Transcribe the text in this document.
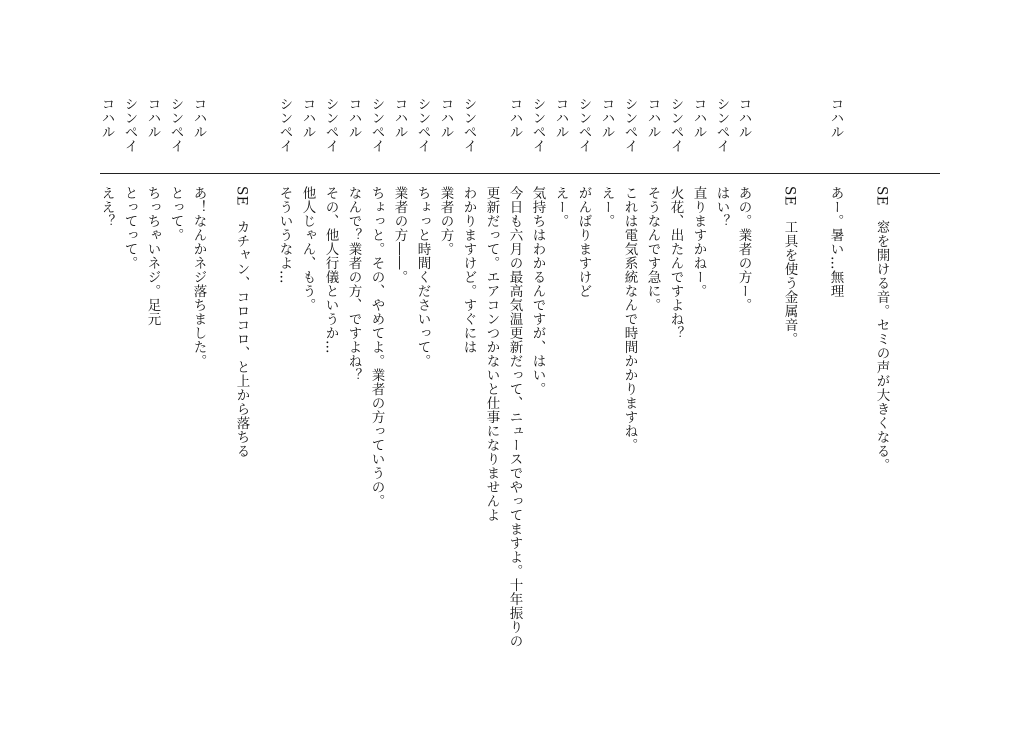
SE　窓を開ける音。セミの声が大きくなる。
コハル
あー。暑い…無理
SE　工具を使う金属音。
コハル
あの。業者の方ー。
シンペイ
はい？
コハル
直りますかねー。
シンペイ
火花、出たんですよね？
コハル
そうなんです急に。
シンペイ
これは電気系統なんで時間かかりますね。
コハル
えー。
シンペイ
がんばりますけど
コハル
えー。
シンペイ
気持ちはわかるんですが、はい。
コハル
今日も六月の最高気温更新だって、ニュースでやってますよ。十年振りの
更新だって。エアコンつかないと仕事になりませんよ
シンペイ
わかりますけど。すぐには
コハル
業者の方。
シンペイ
ちょっと時間くださいって。
コハル
業者の方――。
シンペイ
ちょっと。その、やめてよ。業者の方っていうの。
コハル
なんで？業者の方、ですよね？
シンペイ
その、他人行儀というか…
コハル
他人じゃん、もう。
シンペイ
そういうなよ…
SE　カチャン、コロコロ、と上から落ちる
コハル
あ！なんかネジ落ちました。
シンペイ
とって。
コハル
ちっちゃいネジ。足元
シンペイ
とってって。
コハル
ええ？
